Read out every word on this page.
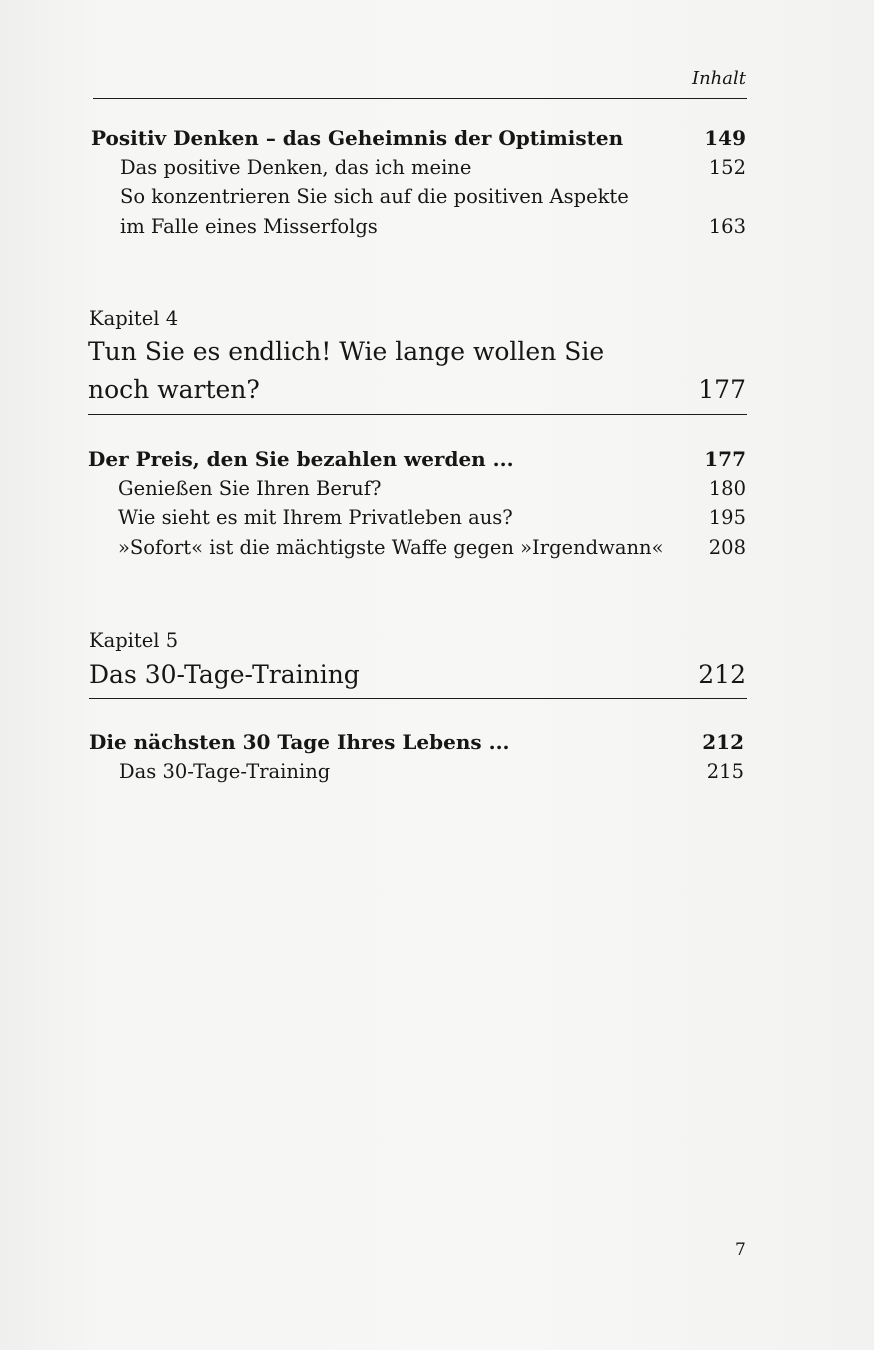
Inhalt
Positiv Denken – das Geheimnis der Optimisten	149
Das positive Denken, das ich meine	152
So konzentrieren Sie sich auf die positiven Aspekte
im Falle eines Misserfolgs	163
Kapitel 4
Tun Sie es endlich! Wie lange wollen Sie
noch warten?	177
Der Preis, den Sie bezahlen werden ...	177
Genießen Sie Ihren Beruf?	180
Wie sieht es mit Ihrem Privatleben aus?	195
»Sofort« ist die mächtigste Waffe gegen »Irgendwann« 208
Kapitel 5
Das 30-Tage-Training	212
Die nächsten 30 Tage Ihres Lebens ...	212
Das 30-Tage-Training	215
7
